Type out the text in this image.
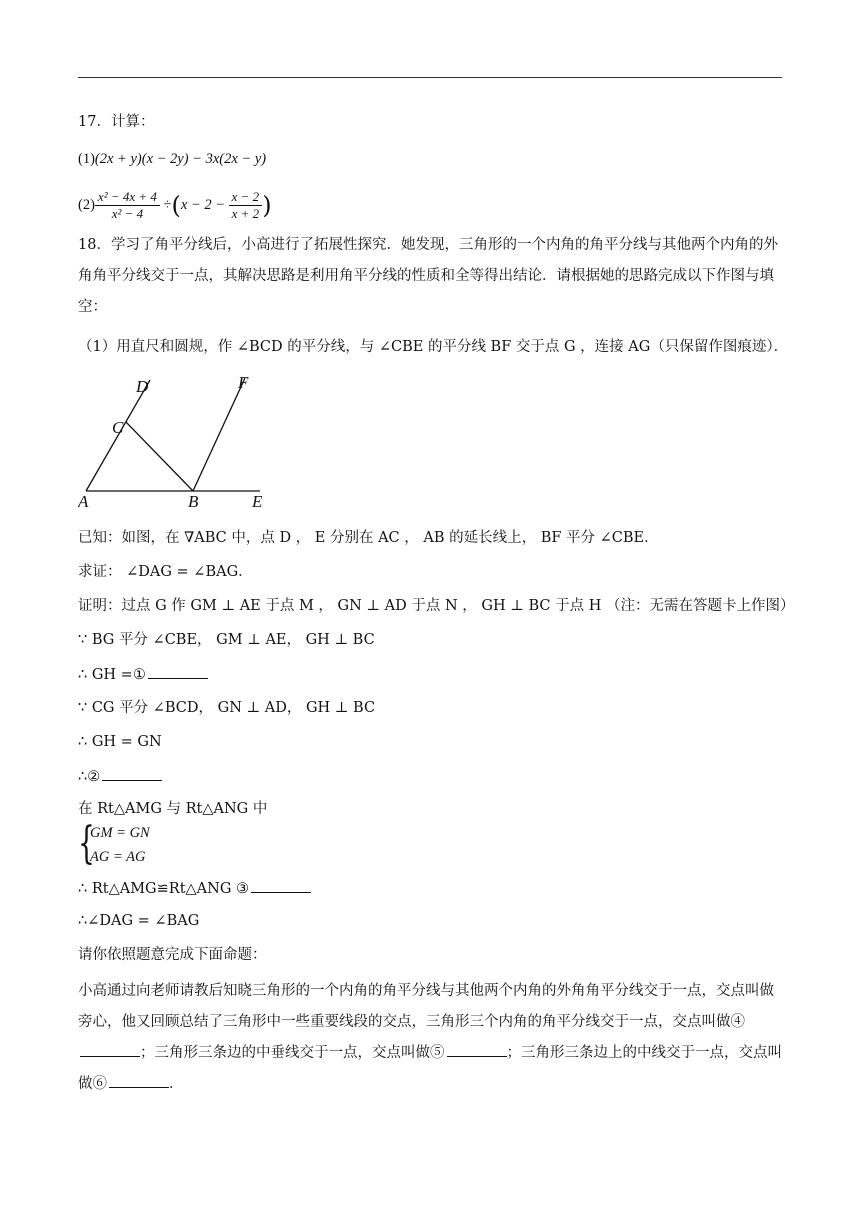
17．计算：
(1)(2x + y)(x − 2y) − 3x(2x − y)
$(2) \frac{\text{x² − 4x + 4}}{\text{x² − 4}} \div(x - 2 - \frac{x - 2}{x + 2}$ )
18．学习了角平分线后，小高进行了拓展性探究．她发现，三角形的一个内角的角平分线与其他两个内角的外角角平分线交于一点，其解决思路是利用角平分线的性质和全等得出结论．请根据她的思路完成以下作图与填空：
（1）用直尺和圆规，作 ∠BCD 的平分线，与 ∠CBE 的平分线 BF 交于点 G ，连接 AG（只保留作图痕迹）．
A	B	E
C
D	F
已知：如图，在 ∇ABC 中，点 D ， E 分别在 AC ， AB 的延长线上， BF 平分 ∠CBE．
求证： ∠DAG = ∠BAG．
证明：过点 G 作 GM ⊥ AE 于点 M ， GN ⊥ AD 于点 N ， GH ⊥ BC 于点 H （注：无需在答题卡上作图）
∵ BG 平分 ∠CBE， GM ⊥ AE， GH ⊥ BC
∴ GH =①
∵ CG 平分 ∠BCD， GN ⊥ AD， GH ⊥ BC
∴ GH = GN
∴②
在 Rt△AMG 与 Rt△ANG 中
{
GM = GN
AG = AG
∴ Rt△AMG≌Rt△ANG ③
∴∠DAG = ∠BAG
请你依照题意完成下面命题：
小高通过向老师请教后知晓三角形的一个内角的角平分线与其他两个内角的外角角平分线交于一点，交点叫做旁心，他又回顾总结了三角形中一些重要线段的交点，三角形三个内角的角平分线交于一点，交点叫做④；三角形三条边的中垂线交于一点，交点叫做⑤	；三角形三条边上的中线交于一点，交点叫做⑥	．
